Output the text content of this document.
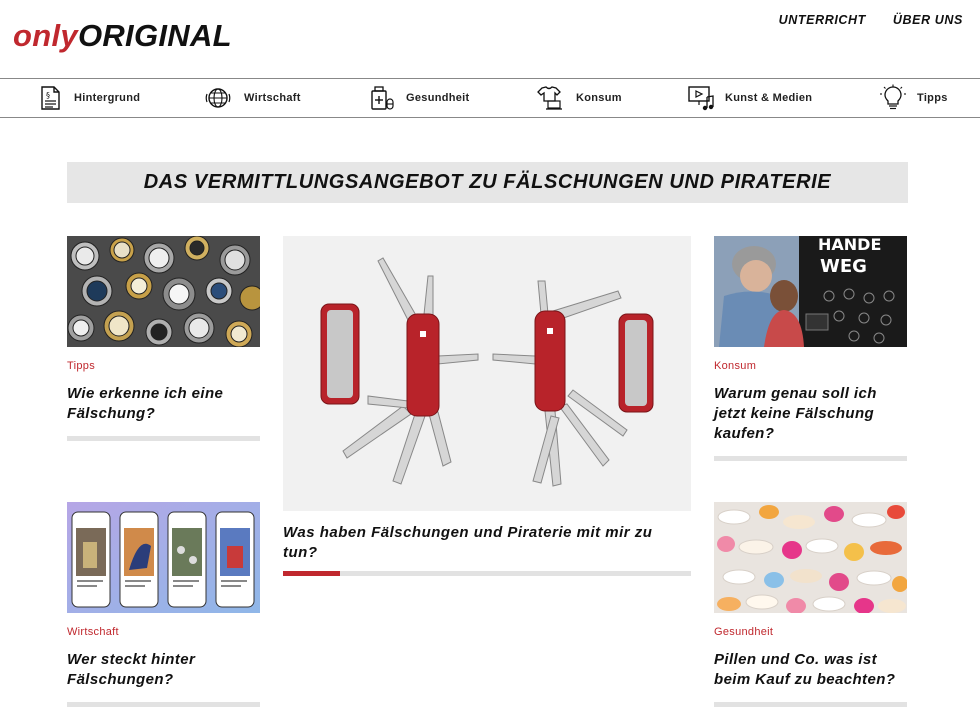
onlyORIGINAL	UNTERRICHT ÜBER UNS
§ Hintergrund	Wirtschaft	Gesundheit	Konsum	Kunst & Medien	Tipps
DAS VERMITTLUNGSANGEBOT ZU FÄLSCHUNGEN UND PIRATERIE
Tipps
Wie erkenne ich eine Fälschung?
Was haben Fälschungen und Piraterie mit mir zu tun?
HANDE
WEG
Konsum
Warum genau soll ich jetzt keine Fälschung kaufen?
Wirtschaft
Wer steckt hinter Fälschungen?
Gesundheit
Pillen und Co. was ist beim Kauf zu beachten?
